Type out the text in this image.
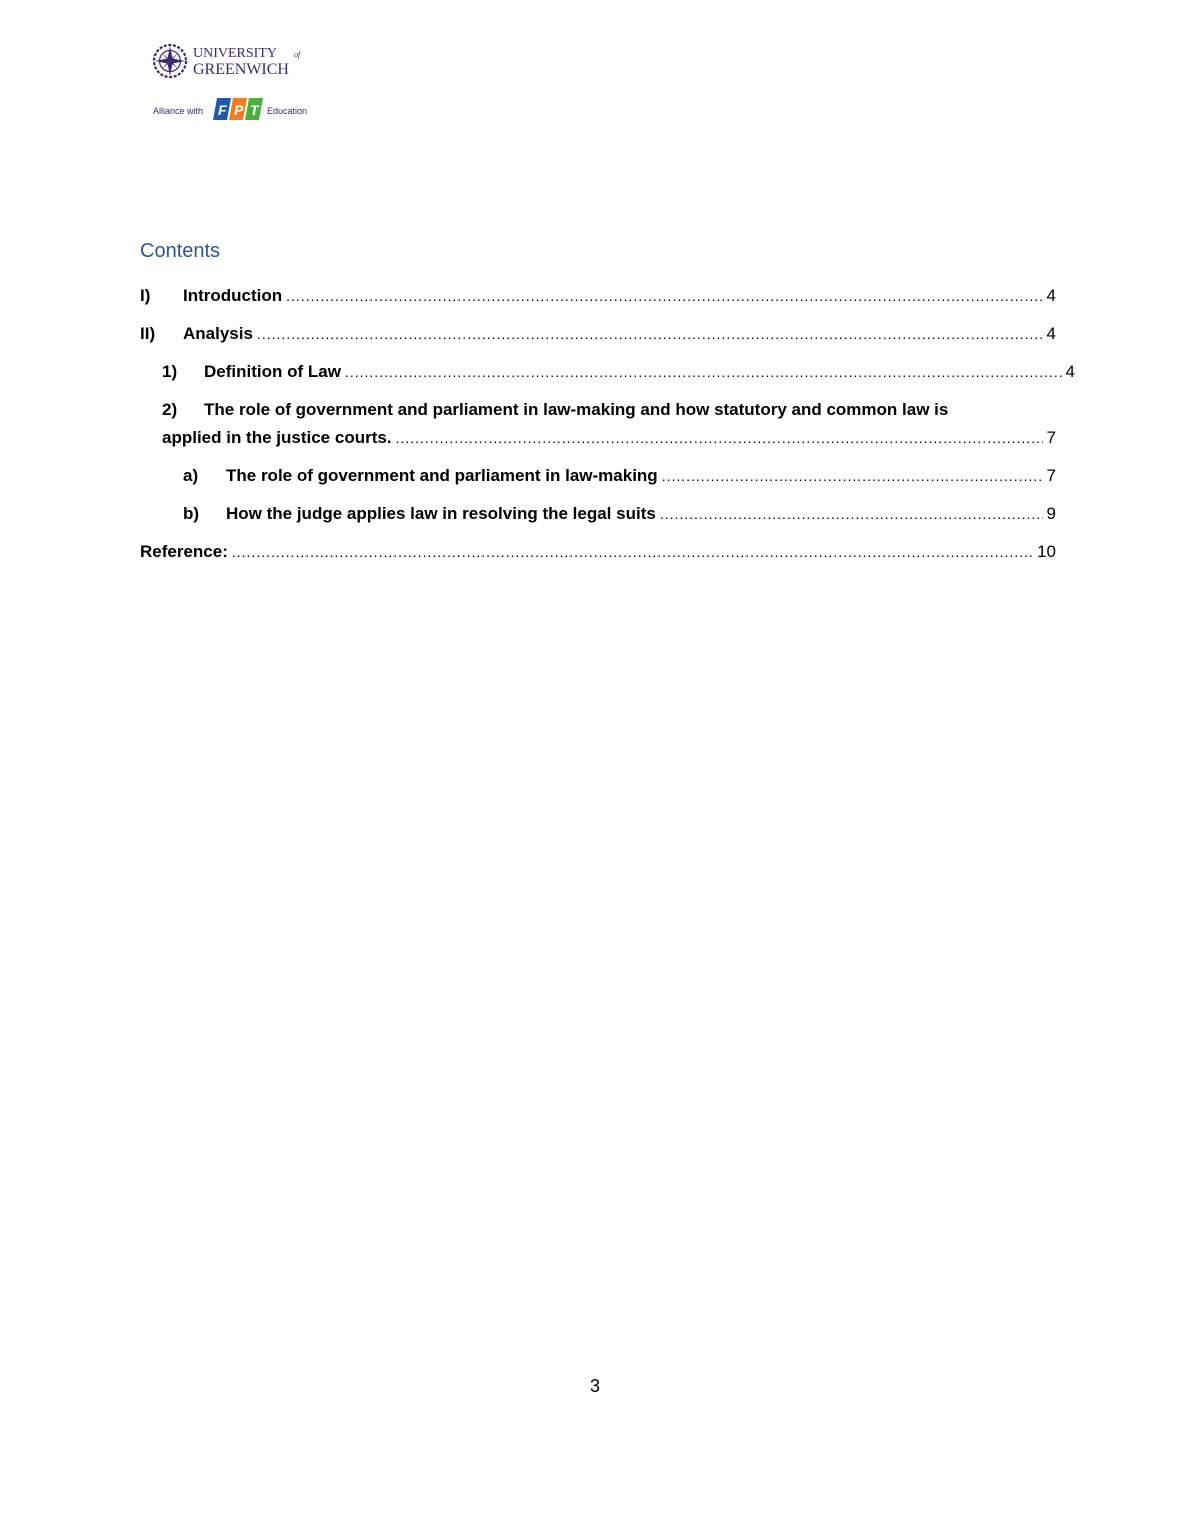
UNIVERSITY of
GREENWICH
Alliance with F P T Education
Contents
I)	Introduction .....	4
II)	Analysis .....	4
1)	Definition of Law .....	4
2) The role of government and parliament in law-making and how statutory and common law is
applied in the justice courts. .....	7
a)	The role of government and parliament in law-making .....	7
b)	How the judge applies law in resolving the legal suits .....	9
Reference: .....	10
3
